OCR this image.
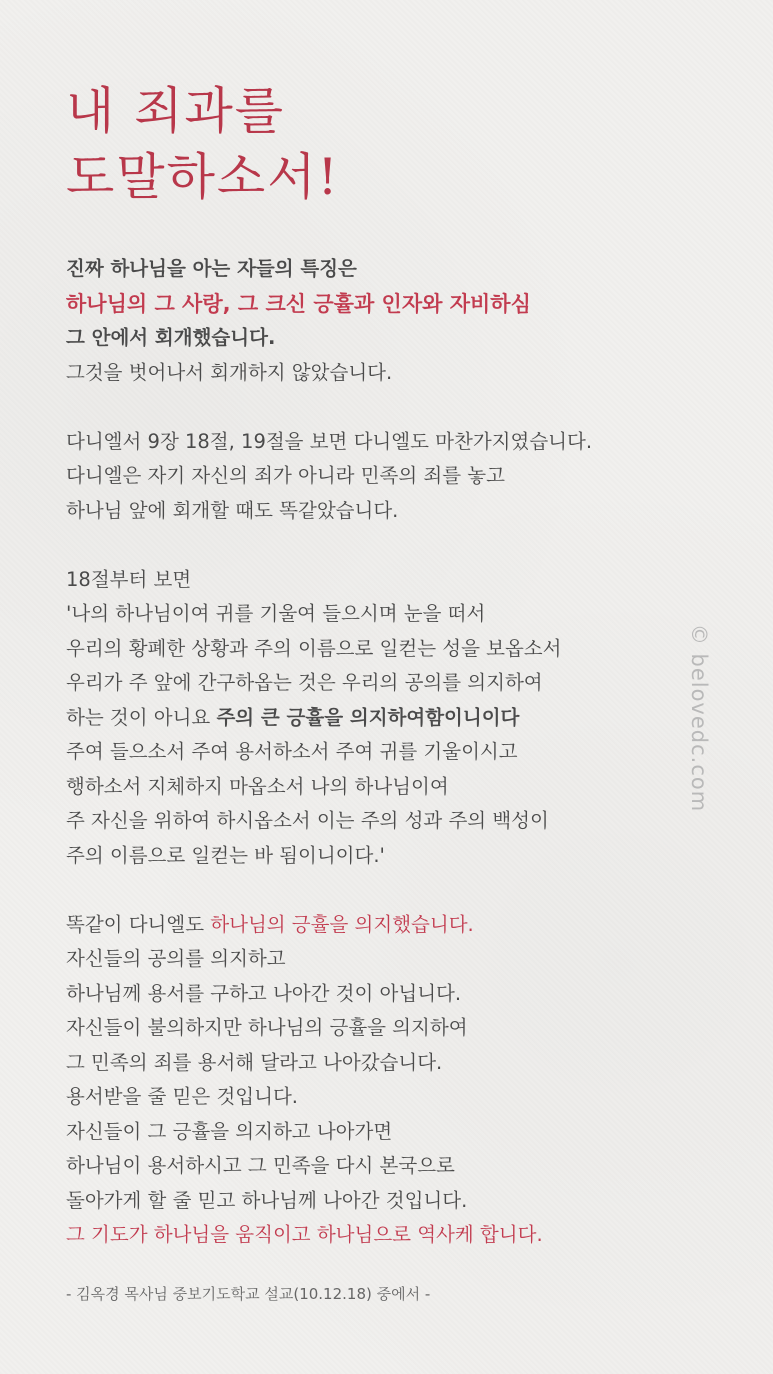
내 죄과를
도말하소서!
진짜 하나님을 아는 자들의 특징은
하나님의 그 사랑, 그 크신 긍휼과 인자와 자비하심
그 안에서 회개했습니다.
그것을 벗어나서 회개하지 않았습니다.
다니엘서 9장 18절, 19절을 보면 다니엘도 마찬가지였습니다.
다니엘은 자기 자신의 죄가 아니라 민족의 죄를 놓고
하나님 앞에 회개할 때도 똑같았습니다.
18절부터 보면
'나의 하나님이여 귀를 기울여 들으시며 눈을 떠서
우리의 황폐한 상황과 주의 이름으로 일컫는 성을 보옵소서
우리가 주 앞에 간구하옵는 것은 우리의 공의를 의지하여
하는 것이 아니요 주의 큰 긍휼을 의지하여함이니이다
주여 들으소서 주여 용서하소서 주여 귀를 기울이시고
행하소서 지체하지 마옵소서 나의 하나님이여
주 자신을 위하여 하시옵소서 이는 주의 성과 주의 백성이
주의 이름으로 일컫는 바 됨이니이다.'
똑같이 다니엘도 하나님의 긍휼을 의지했습니다.
자신들의 공의를 의지하고
하나님께 용서를 구하고 나아간 것이 아닙니다.
자신들이 불의하지만 하나님의 긍휼을 의지하여
그 민족의 죄를 용서해 달라고 나아갔습니다.
용서받을 줄 믿은 것입니다.
자신들이 그 긍휼을 의지하고 나아가면
하나님이 용서하시고 그 민족을 다시 본국으로
돌아가게 할 줄 믿고 하나님께 나아간 것입니다.
그 기도가 하나님을 움직이고 하나님으로 역사케 합니다.
- 김옥경 목사님 중보기도학교 설교(10.12.18) 중에서 -
© belovedc.com
